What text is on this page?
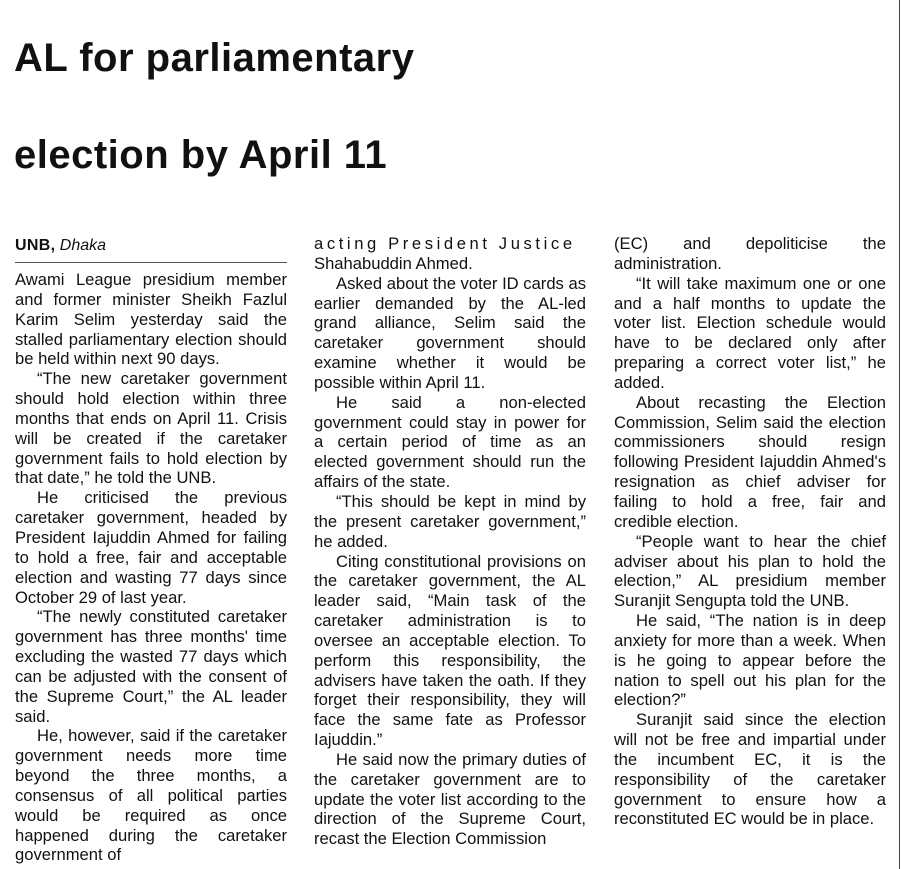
AL for parliamentary
election by April 11
UNB, Dhaka

Awami League presidium member and former minister Sheikh Fazlul Karim Selim yesterday said the stalled parliamentary election should be held within next 90 days.

“The new caretaker government should hold election within three months that ends on April 11. Crisis will be created if the caretaker government fails to hold election by that date,” he told the UNB.

He criticised the previous caretaker government, headed by President Iajuddin Ahmed for failing to hold a free, fair and acceptable election and wasting 77 days since October 29 of last year.

“The newly constituted caretaker government has three months' time excluding the wasted 77 days which can be adjusted with the consent of the Supreme Court,” the AL leader said.

He, however, said if the caretaker government needs more time beyond the three months, a consensus of all political parties would be required as once happened during the caretaker government of

acting President Justice

Shahabuddin Ahmed.

Asked about the voter ID cards as earlier demanded by the AL-led grand alliance, Selim said the caretaker government should examine whether it would be possible within April 11.

He said a non-elected government could stay in power for a certain period of time as an elected government should run the affairs of the state.

“This should be kept in mind by the present caretaker government,” he added.

Citing constitutional provisions on the caretaker government, the AL leader said, “Main task of the caretaker administration is to oversee an acceptable election. To perform this responsibility, the advisers have taken the oath. If they forget their responsibility, they will face the same fate as Professor Iajuddin.”

He said now the primary duties of the caretaker government are to update the voter list according to the direction of the Supreme Court, recast the Election Commission

(EC) and depoliticise the administration.

“It will take maximum one or one and a half months to update the voter list. Election schedule would have to be declared only after preparing a correct voter list,” he added.

About recasting the Election Commission, Selim said the election commissioners should resign following President Iajuddin Ahmed's resignation as chief adviser for failing to hold a free, fair and credible election.

“People want to hear the chief adviser about his plan to hold the election,” AL presidium member Suranjit Sengupta told the UNB.

He said, “The nation is in deep anxiety for more than a week. When is he going to appear before the nation to spell out his plan for the election?”

Suranjit said since the election will not be free and impartial under the incumbent EC, it is the responsibility of the caretaker government to ensure how a reconstituted EC would be in place.
